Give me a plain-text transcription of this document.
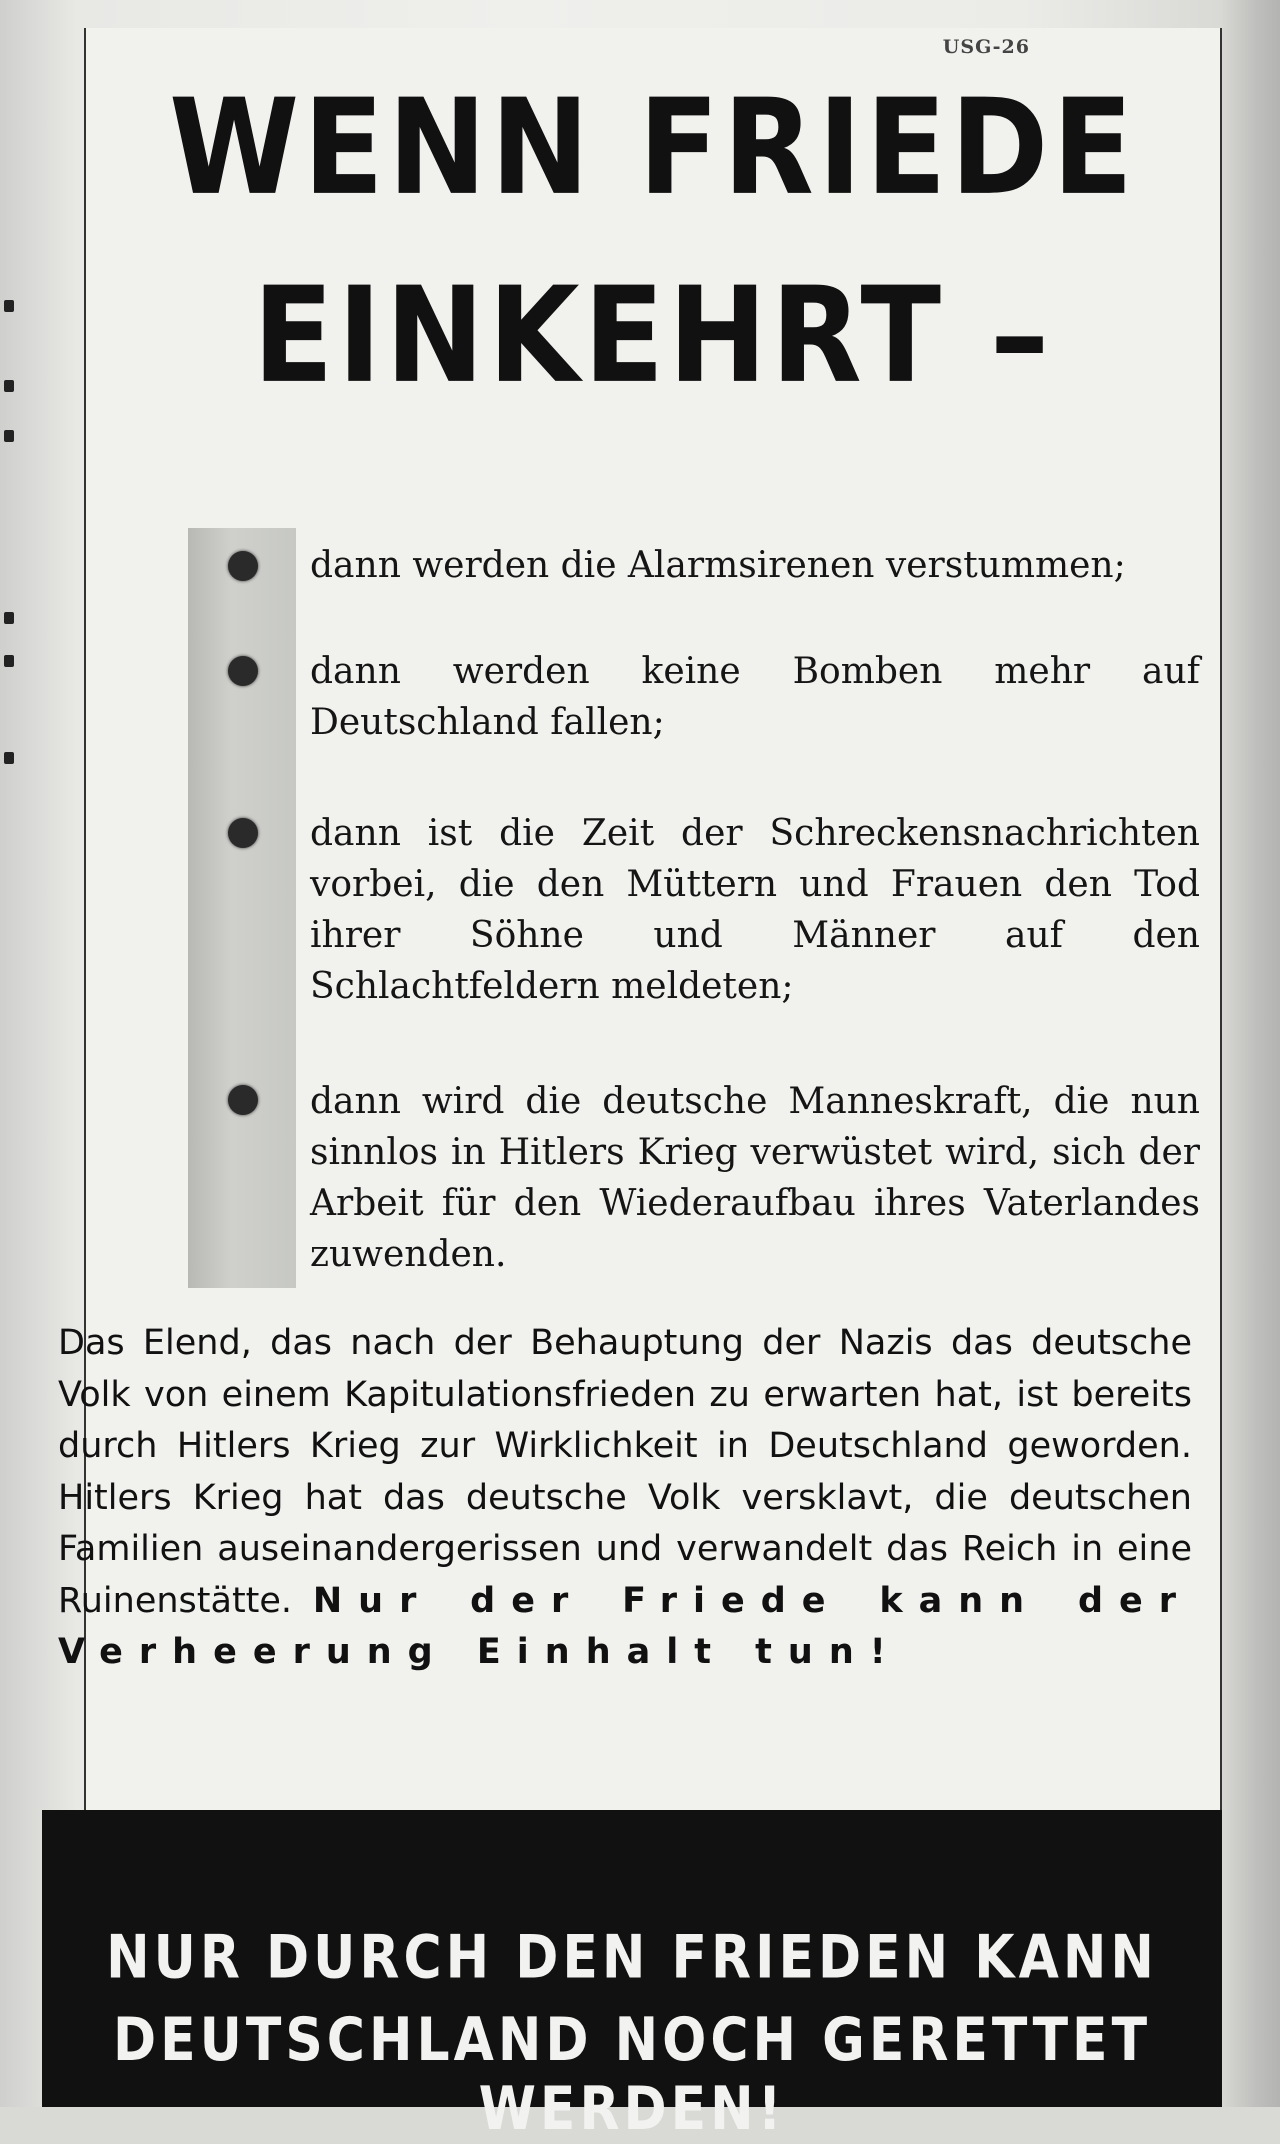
USG-26
WENN FRIEDE
EINKEHRT –
dann werden die Alarmsirenen verstummen;
dann werden keine Bomben mehr auf Deutschland fallen;
dann ist die Zeit der Schreckensnachrichten vorbei, die den Müttern und Frauen den Tod ihrer Söhne und Männer auf den Schlachtfeldern meldeten;
dann wird die deutsche Manneskraft, die nun sinnlos in Hitlers Krieg verwüstet wird, sich der Arbeit für den Wiederaufbau ihres Vaterlandes zuwenden.
Das Elend, das nach der Behauptung der Nazis das deutsche Volk von einem Kapitulationsfrieden zu erwarten hat, ist bereits durch Hitlers Krieg zur Wirklichkeit in Deutschland geworden. Hitlers Krieg hat das deutsche Volk versklavt, die deutschen Familien auseinandergerissen und verwandelt das Reich in eine Ruinenstätte. Nur der Friede kann der Verheerung Einhalt tun!
NUR DURCH DEN FRIEDEN KANN
DEUTSCHLAND NOCH GERETTET WERDEN!
